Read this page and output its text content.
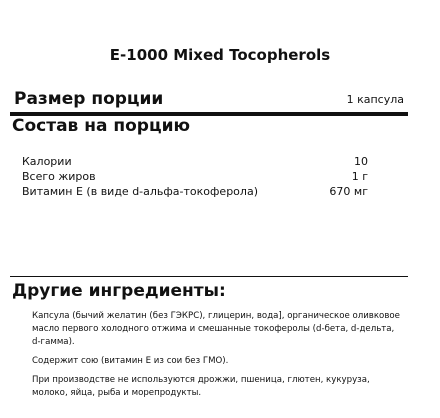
E-1000 Mixed Tocopherols
Размер порции	1 капсула
Состав на порцию
Калории	10
Всего жиров	1 г
Витамин E (в виде d-альфа-токоферола)	670 мг
Другие ингредиенты:

Капсула (бычий желатин (без ГЭКРС), глицерин, вода], органическое оливковое масло первого холодного отжима и смешанные токоферолы (d-бета, d-дельта, d-гамма).

Содержит сою (витамин E из сои без ГМО).

При производстве не используются дрожжи, пшеница, глютен, кукуруза, молоко, яйца, рыба и морепродукты.
